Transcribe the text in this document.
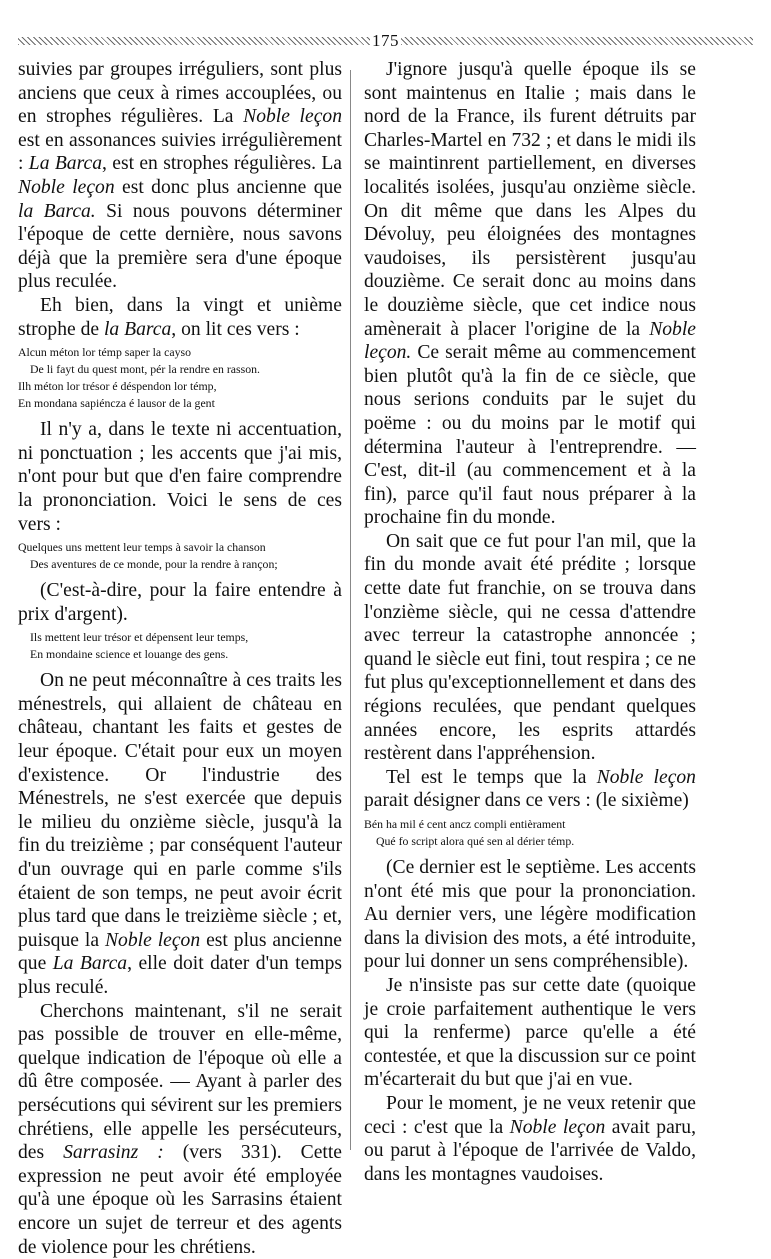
175

suivies par groupes irréguliers, sont plus anciens que ceux à rimes accouplées, ou en strophes régulières. La Noble leçon est en assonances suivies irrégulièrement : La Barca, est en strophes régulières. La Noble leçon est donc plus ancienne que la Barca. Si nous pouvons déterminer l'époque de cette dernière, nous savons déjà que la première sera d'une époque plus reculée.

Eh bien, dans la vingt et unième strophe de la Barca, on lit ces vers :

Alcun méton lor témp saper la cayso
De li fayt du quest mont, pér la rendre en rasson.
Ilh méton lor trésor é déspendon lor témp,
En mondana sapiénсza é lausor de la gent

Il n'y a, dans le texte ni accentuation, ni ponctuation ; les accents que j'ai mis, n'ont pour but que d'en faire comprendre la prononciation. Voici le sens de ces vers :

Quelques uns mettent leur temps à savoir la chanson
Des aventures de ce monde, pour la rendre à rançon;

(C'est-à-dire, pour la faire entendre à prix d'argent).

Ils mettent leur trésor et dépensent leur temps,
En mondaine science et louange des gens.

On ne peut méconnaître à ces traits les ménestrels, qui allaient de château en château, chantant les faits et gestes de leur époque. C'était pour eux un moyen d'existence. Or l'industrie des Ménestrels, ne s'est exercée que depuis le milieu du onzième siècle, jusqu'à la fin du treizième ; par conséquent l'auteur d'un ouvrage qui en parle comme s'ils étaient de son temps, ne peut avoir écrit plus tard que dans le treizième siècle ; et, puisque la Noble leçon est plus ancienne que La Barca, elle doit dater d'un temps plus reculé.

Cherchons maintenant, s'il ne serait pas possible de trouver en elle-même, quelque indication de l'époque où elle a dû être composée. — Ayant à parler des persécutions qui sévirent sur les premiers chrétiens, elle appelle les persécuteurs, des Sarrasinz : (vers 331). Cette expression ne peut avoir été employée qu'à une époque où les Sarrasins étaient encore un sujet de terreur et des agents de violence pour les chrétiens.

J'ignore jusqu'à quelle époque ils se sont maintenus en Italie ; mais dans le nord de la France, ils furent détruits par Charles-Martel en 732 ; et dans le midi ils se maintinrent partiellement, en diverses localités isolées, jusqu'au onzième siècle. On dit même que dans les Alpes du Dévoluy, peu éloignées des montagnes vaudoises, ils persistèrent jusqu'au douzième. Ce serait donc au moins dans le douzième siècle, que cet indice nous amènerait à placer l'origine de la Noble leçon. Ce serait même au commencement bien plutôt qu'à la fin de ce siècle, que nous serions conduits par le sujet du poëme : ou du moins par le motif qui détermina l'auteur à l'entreprendre. — C'est, dit-il (au commencement et à la fin), parce qu'il faut nous préparer à la prochaine fin du monde.

On sait que ce fut pour l'an mil, que la fin du monde avait été prédite ; lorsque cette date fut franchie, on se trouva dans l'onzième siècle, qui ne cessa d'attendre avec terreur la catastrophe annoncée ; quand le siècle eut fini, tout respira ; ce ne fut plus qu'exceptionnellement et dans des régions reculées, que pendant quelques années encore, les esprits attardés restèrent dans l'appréhension.

Tel est le temps que la Noble leçon parait désigner dans ce vers : (le sixième)

Bén ha mil é cent ancz compli entièrament
Qué fo script alora qué sen al dérier témp.

(Ce dernier est le septième. Les accents n'ont été mis que pour la prononciation. Au dernier vers, une légère modification dans la division des mots, a été introduite, pour lui donner un sens compréhensible).

Je n'insiste pas sur cette date (quoique je croie parfaitement authentique le vers qui la renferme) parce qu'elle a été contestée, et que la discussion sur ce point m'écarterait du but que j'ai en vue.

Pour le moment, je ne veux retenir que ceci : c'est que la Noble leçon avait paru, ou parut à l'époque de l'arrivée de Valdo, dans les montagnes vaudoises.
